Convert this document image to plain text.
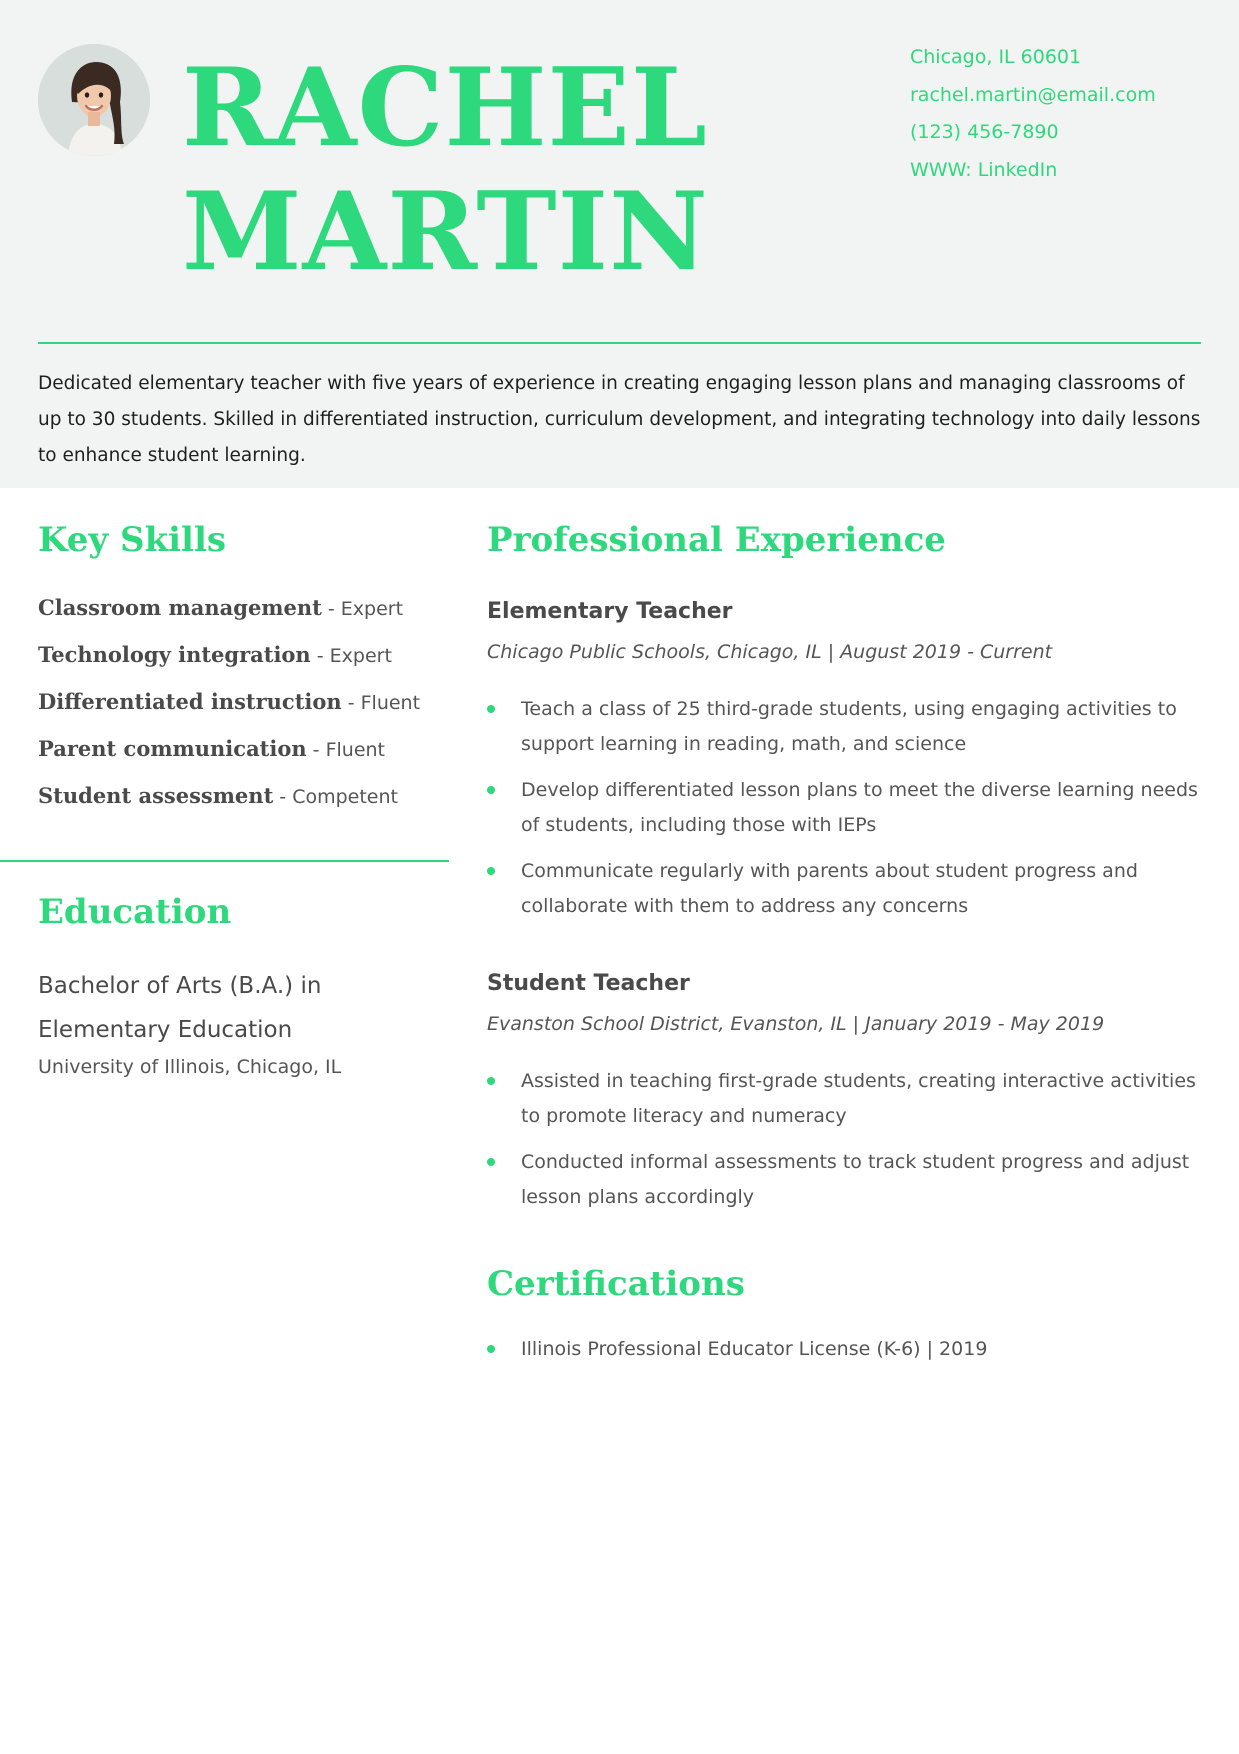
RACHEL
MARTIN
Chicago, IL 60601
rachel.martin@email.com
(123) 456-7890
WWW: LinkedIn

Dedicated elementary teacher with five years of experience in creating engaging lesson plans and managing classrooms of up to 30 students. Skilled in differentiated instruction, curriculum development, and integrating technology into daily lessons to enhance student learning.

Key Skills
Classroom management - Expert
Technology integration - Expert
Differentiated instruction - Fluent
Parent communication - Fluent
Student assessment - Competent
Education

Bachelor of Arts (B.A.) in Elementary Education

University of Illinois, Chicago, IL

Professional Experience
Elementary Teacher

Chicago Public Schools, Chicago, IL | August 2019 - Current

Teach a class of 25 third-grade students, using engaging activities to support learning in reading, math, and science
Develop differentiated lesson plans to meet the diverse learning needs of students, including those with IEPs
Communicate regularly with parents about student progress and collaborate with them to address any concerns
Student Teacher

Evanston School District, Evanston, IL | January 2019 - May 2019

Assisted in teaching first-grade students, creating interactive activities to promote literacy and numeracy
Conducted informal assessments to track student progress and adjust lesson plans accordingly
Certifications
Illinois Professional Educator License (K-6) | 2019
